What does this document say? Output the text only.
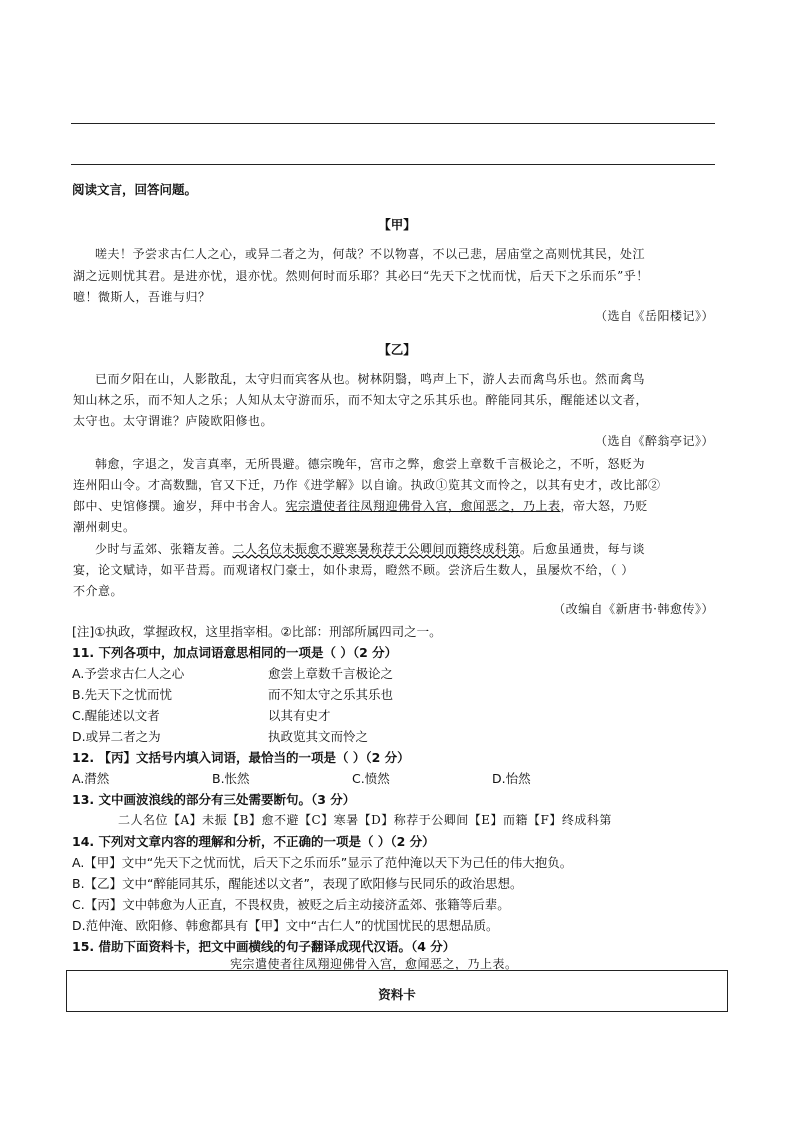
阅读文言，回答问题。
【甲】
嗟夫！予尝求古仁人之心，或异二者之为，何哉？不以物喜，不以己悲，居庙堂之高则忧其民，处江
湖之远则忧其君。是进亦忧，退亦忧。然则何时而乐耶？其必曰“先天下之忧而忧，后天下之乐而乐”乎！
噫！微斯人，吾谁与归？
（选自《岳阳楼记》）
【乙】
已而夕阳在山，人影散乱，太守归而宾客从也。树林阴翳，鸣声上下，游人去而禽鸟乐也。然而禽鸟
知山林之乐，而不知人之乐；人知从太守游而乐，而不知太守之乐其乐也。醉能同其乐，醒能述以文者，
太守也。太守谓谁？庐陵欧阳修也。
（选自《醉翁亭记》）
韩愈，字退之，发言真率，无所畏避。德宗晚年，宫市之弊，愈尝上章数千言极论之，不听，怒贬为
连州阳山令。才高数黜，官又下迁，乃作《进学解》以自谕。执政①览其文而怜之，以其有史才，改比部②
郎中、史馆修撰。逾岁，拜中书舍人。宪宗遣使者往凤翔迎佛骨入宫，愈闻恶之，乃上表，帝大怒，乃贬
潮州刺史。
少时与孟郊、张籍友善。二人名位未振愈不避寒暑称荐于公卿间而籍终成科第。后愈虽通贵，每与谈
宴，论文赋诗，如平昔焉。而观诸权门豪士，如仆隶焉，瞪然不顾。尝济后生数人，虽屡炊不给，（ ）
不介意。
（改编自《新唐书·韩愈传》）
[注]①执政，掌握政权，这里指宰相。②比部：刑部所属四司之一。
11. 下列各项中，加点词语意思相同的一项是（ ）（2 分）
A.予尝求古仁人之心	愈尝上章数千言极论之
B.先天下之忧而忧	而不知太守之乐其乐也
C.醒能述以文者	以其有史才
D.或异二者之为	执政览其文而怜之
12. 【丙】文括号内填入词语，最恰当的一项是（ ）（2 分）
A.潸然	B.怅然	C.愤然	D.怡然
13. 文中画波浪线的部分有三处需要断句。（3 分）
二人名位【A】未振【B】愈不避【C】寒暑【D】称荐于公卿间【E】而籍【F】终成科第
14. 下列对文章内容的理解和分析，不正确的一项是（ ）（2 分）
A.【甲】文中“先天下之忧而忧，后天下之乐而乐”显示了范仲淹以天下为己任的伟大抱负。
B.【乙】文中“醉能同其乐，醒能述以文者”，表现了欧阳修与民同乐的政治思想。
C.【丙】文中韩愈为人正直，不畏权贵，被贬之后主动接济孟郊、张籍等后辈。
D.范仲淹、欧阳修、韩愈都具有【甲】文中“古仁人”的忧国忧民的思想品质。
15. 借助下面资料卡，把文中画横线的句子翻译成现代汉语。（4 分）
宪宗遣使者往凤翔迎佛骨入宫，愈闻恶之，乃上表。
资料卡
